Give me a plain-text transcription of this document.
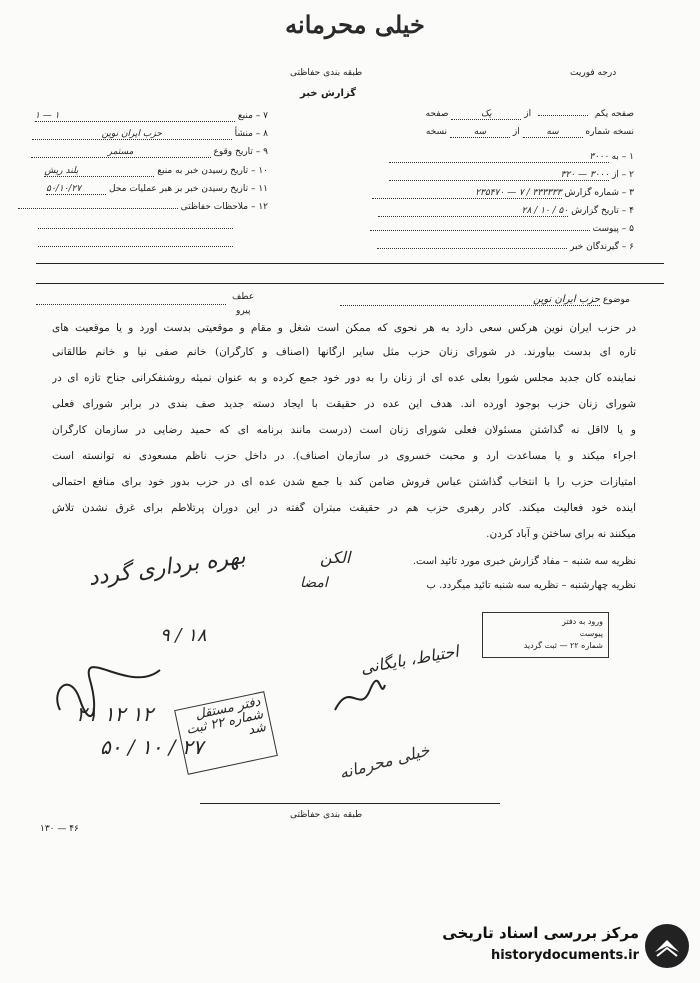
خیلی محرمانه
طبقه بندی حفاظتی
گزارش خبر
درجه فوریت
صفحه یکم  از یک صفحه
نسخه شماره سه از سه نسخه
۱ – به ۳۰۰۰
۲ – از ۳۰۰۰ — ۳۲۰
۳ – شماره گزارش ۳۳۳۳۳۳ / ۷ — ۲۳۵۴۷۰
۴ – تاریخ گزارش ۵۰ / ۱۰ / ۲۸
۵ – پیوست
۶ – گیرندگان خبر
۷ – منبع ۱ — ۱
۸ – منشأ حزب ایران نوین
۹ – تاریخ وقوع مستمر
۱۰ – تاریخ رسیدن خبر به منبع بلند ریش
۱۱ – تاریخ رسیدن خبر بر هبر عملیات محل ۵۰/۱۰/۲۷
۱۲ – ملاحظات حفاظتی
موضوع حزب ایران نوین
عطف
پیرو
در حزب ایران نوین هرکس سعی دارد به هر نحوی که ممکن است شغل و مقام و موقعیتی بدست آورد و یا موقعیت های
تاره ای بدست بیاورند. در شورای زنان حزب مثل سایر ارگانها (اصناف و کارگران) خانم صفی نیا و خانم طالقانی
نماینده کان جدید مجلس شورا بعلی عده ای از زنان را به دور خود جمع کرده و به عنوان نمیئه روشنفکرانی جناح تازه ای در
شورای زنان حزب بوجود آورده اند. هدف این عده در حقیقت با ایجاد دسته جدید صف بندی در برابر شورای فعلی
و یا لااقل نه گذاشتن مسئولان فعلی شورای زنان است (درست مانند برنامه ای که حمید رضایی در سازمان کارگران
اجراء میکند و یا مساعدت آرد و محبت خسروی در سازمان اصناف). در داخل حزب ناظم مسعودی نه توانسته است
امتیازات حزب را با انتخاب گذاشتن عباس فروش ضامن کند با جمع شدن عده ای در حزب بدور خود برای منافع احتمالی
آینده خود فعالیت میکند. کادر رهبری حزب هم در حقیقت مبتران گفته در این دوران پرتلاطم برای غرق نشدن تلاش
میکنند نه برای ساختن و آباد کردن.
نظریه سه شنبه – مفاد گزارش خبری مورد تائید است.
نظریه چهارشنبه – نظریه سه شنبه تائید میگردد. ب
بهره برداری گردد
۱۸ / ۹
الکن
امضا
احتیاط، بایگانی
۲۱ ۱۲ ۱۲
۵۰ / ۱۰ / ۲۷	خیلی محرمانه
دفتر مستقل شماره ۲۲ ثبت شد
ورود به دفتر
پیوست
شماره ۲۲ — ثبت گردید
طبقه بندی حفاظتی
۱۳۰ — ۴۶
مرکز بررسی اسناد تاریخی
historydocuments.ir
